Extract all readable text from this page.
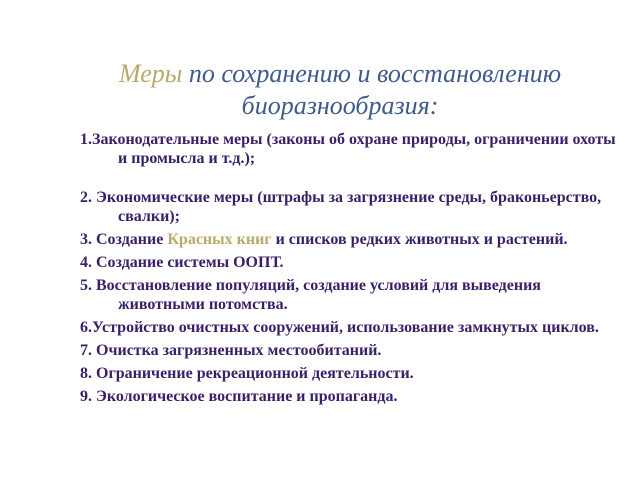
Меры по сохранению и восстановлению
биоразнообразия:
1.Законодательные меры (законы об охране природы, ограничении охоты и промысла и т.д.);
2. Экономические меры (штрафы за загрязнение среды, браконьерство, свалки);
3. Создание Красных книг и списков редких животных и растений.
4. Создание системы ООПТ.
5. Восстановление популяций, создание условий для выведения животными потомства.
6.Устройство очистных сооружений, использование замкнутых циклов.
7. Очистка загрязненных местообитаний.
8. Ограничение рекреационной деятельности.
9. Экологическое воспитание и пропаганда.
